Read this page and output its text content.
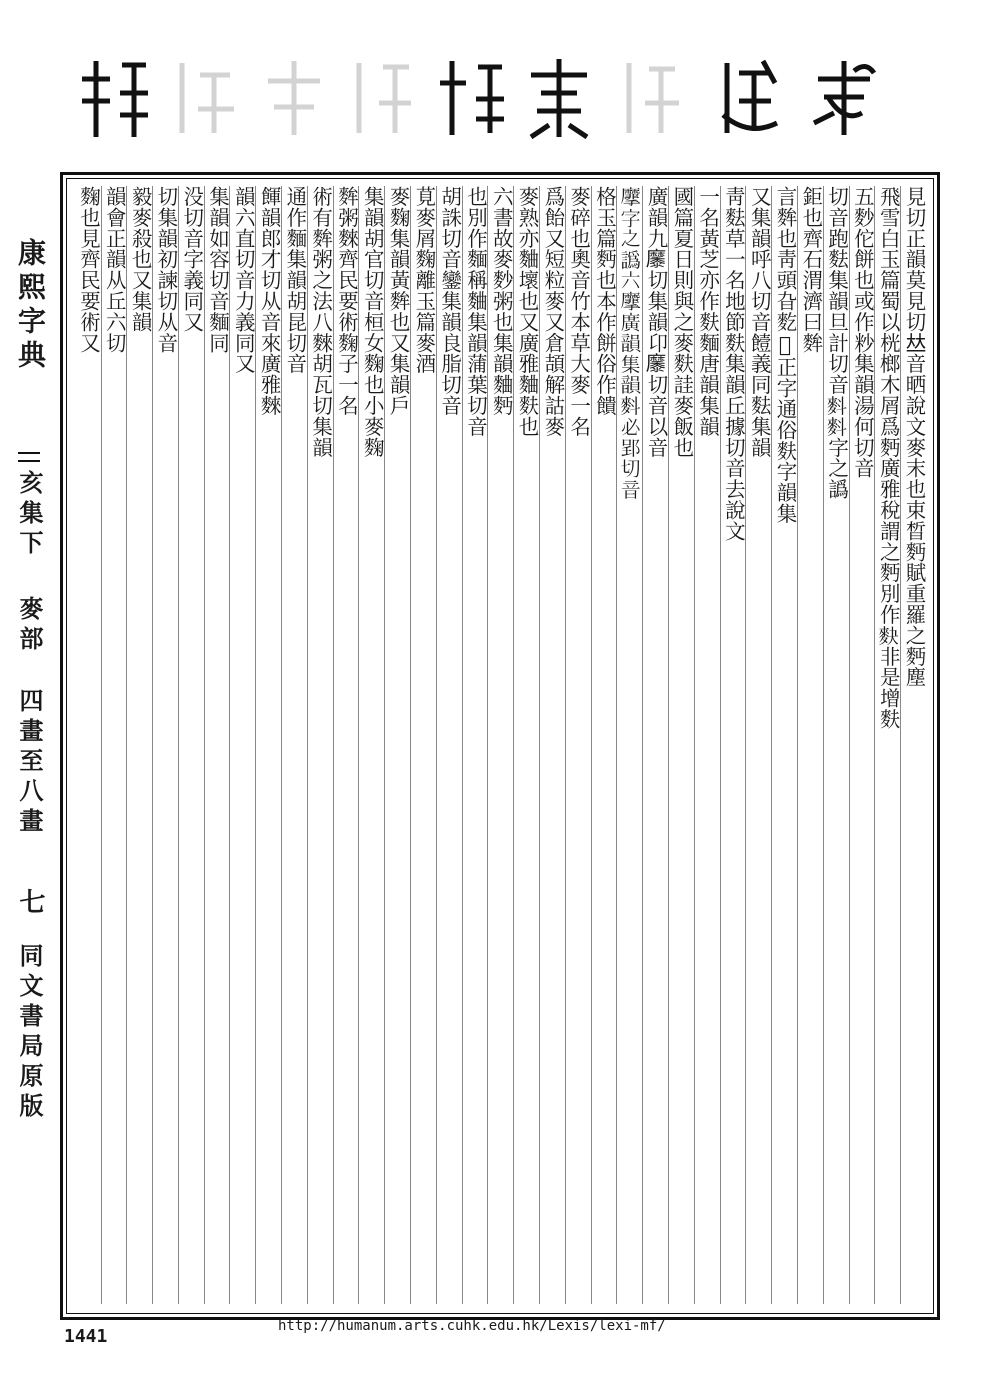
康熙字典
亥集下
麥部
四畫至八畫
七
同文書局原版
見切正韻莫見切𠀤音晒說文麥末也束晳麪賦重羅之麪塵
飛雪白玉篇蜀以桄榔木屑爲麪廣雅稅謂之麪別作𪌊非是增麩
五麨佗餅也或作粆集韻湯何切音
切音跑麮集韻旦計切音𪌉𪌉字之譌
鉅也齊石渭濟曰麰
言麰也靑頭旮麧𪌦正字通俗麩字韻集
又集韻呼八切音饐義同麮集韻
靑麮草一名地節麩集韻丘據切音去說文
一名黃芝亦作麩麵唐韻集韻
國篇夏日則與之麥麩詿麥飯也
廣韻九𪎭切集韻卬𪎭切音以音
𪎮字之譌六𪎮廣韻集韻𪌉必郢切音
格玉篇麪也本作餅俗作饋
麥碎也奧音竹本草大麥一名
爲飴又短粒麥又倉頡解詁麥
麥熟亦麯壞也又廣雅麯麩也
六書故麥麨粥也集韻麯麪
也別作麵稱麯集韻蒲葉切音
胡誅切音鑾集韻良脂切音
莧麥屑麴離玉篇麥酒
麥麴集韻黃麰也又集韻戶
集韻胡官切音桓女麴也小麥麴
麰粥麳齊民要術麴子一名
術有麰粥之法八麳胡瓦切集韻
通作麵集韻胡昆切音
餫韻郎才切从音來廣雅麳
韻六直切音力義同又
集韻如容切音麵同
没切音字義同又
切集韻初諫切从音
毅麥殺也又集韻
韻會正韻从丘六切
麴也見齊民要術又
1441	http://humanum.arts.cuhk.edu.hk/Lexis/lexi-mf/
